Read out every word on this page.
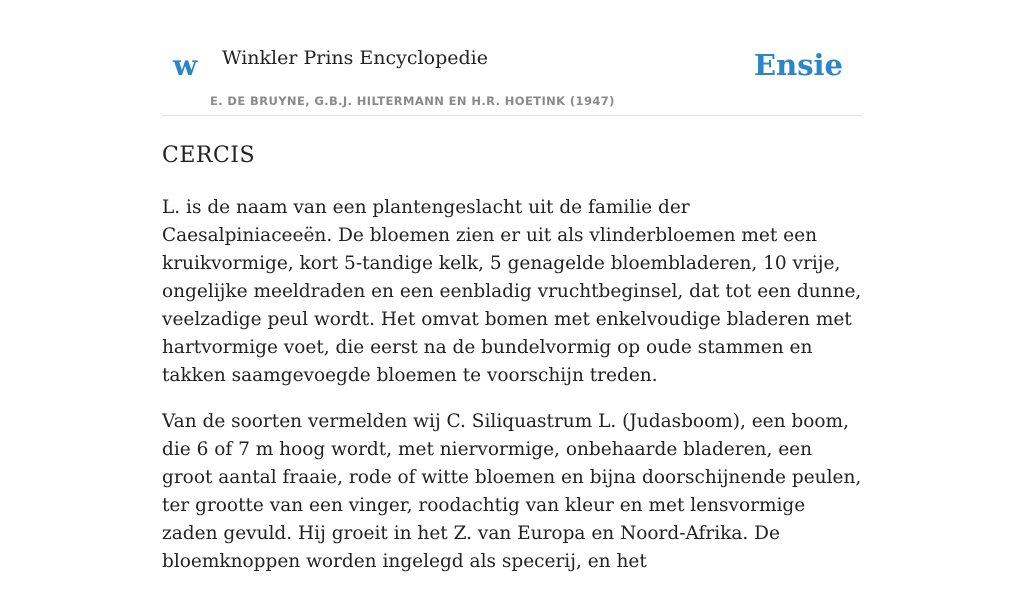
w Winkler Prins Encyclopedie
E. DE BRUYNE, G.B.J. HILTERMANN EN H.R. HOETINK (1947)
Ensie
CERCIS

L. is de naam van een plantengeslacht uit de familie der Caesalpiniaceeën. De bloemen zien er uit als vlinderbloemen met een kruikvormige, kort 5-tandige kelk, 5 genagelde bloembladeren, 10 vrije, ongelijke meeldraden en een eenbladig vruchtbeginsel, dat tot een dunne, veelzadige peul wordt. Het omvat bomen met enkelvoudige bladeren met hartvormige voet, die eerst na de bundelvormig op oude stammen en takken saamgevoegde bloemen te voorschijn treden.

Van de soorten vermelden wij C. Siliquastrum L. (Judasboom), een boom, die 6 of 7 m hoog wordt, met niervormige, onbehaarde bladeren, een groot aantal fraaie, rode of witte bloemen en bijna doorschijnende peulen, ter grootte van een vinger, roodachtig van kleur en met lensvormige zaden gevuld. Hij groeit in het Z. van Europa en Noord-Afrika. De bloemknoppen worden ingelegd als specerij, en het
